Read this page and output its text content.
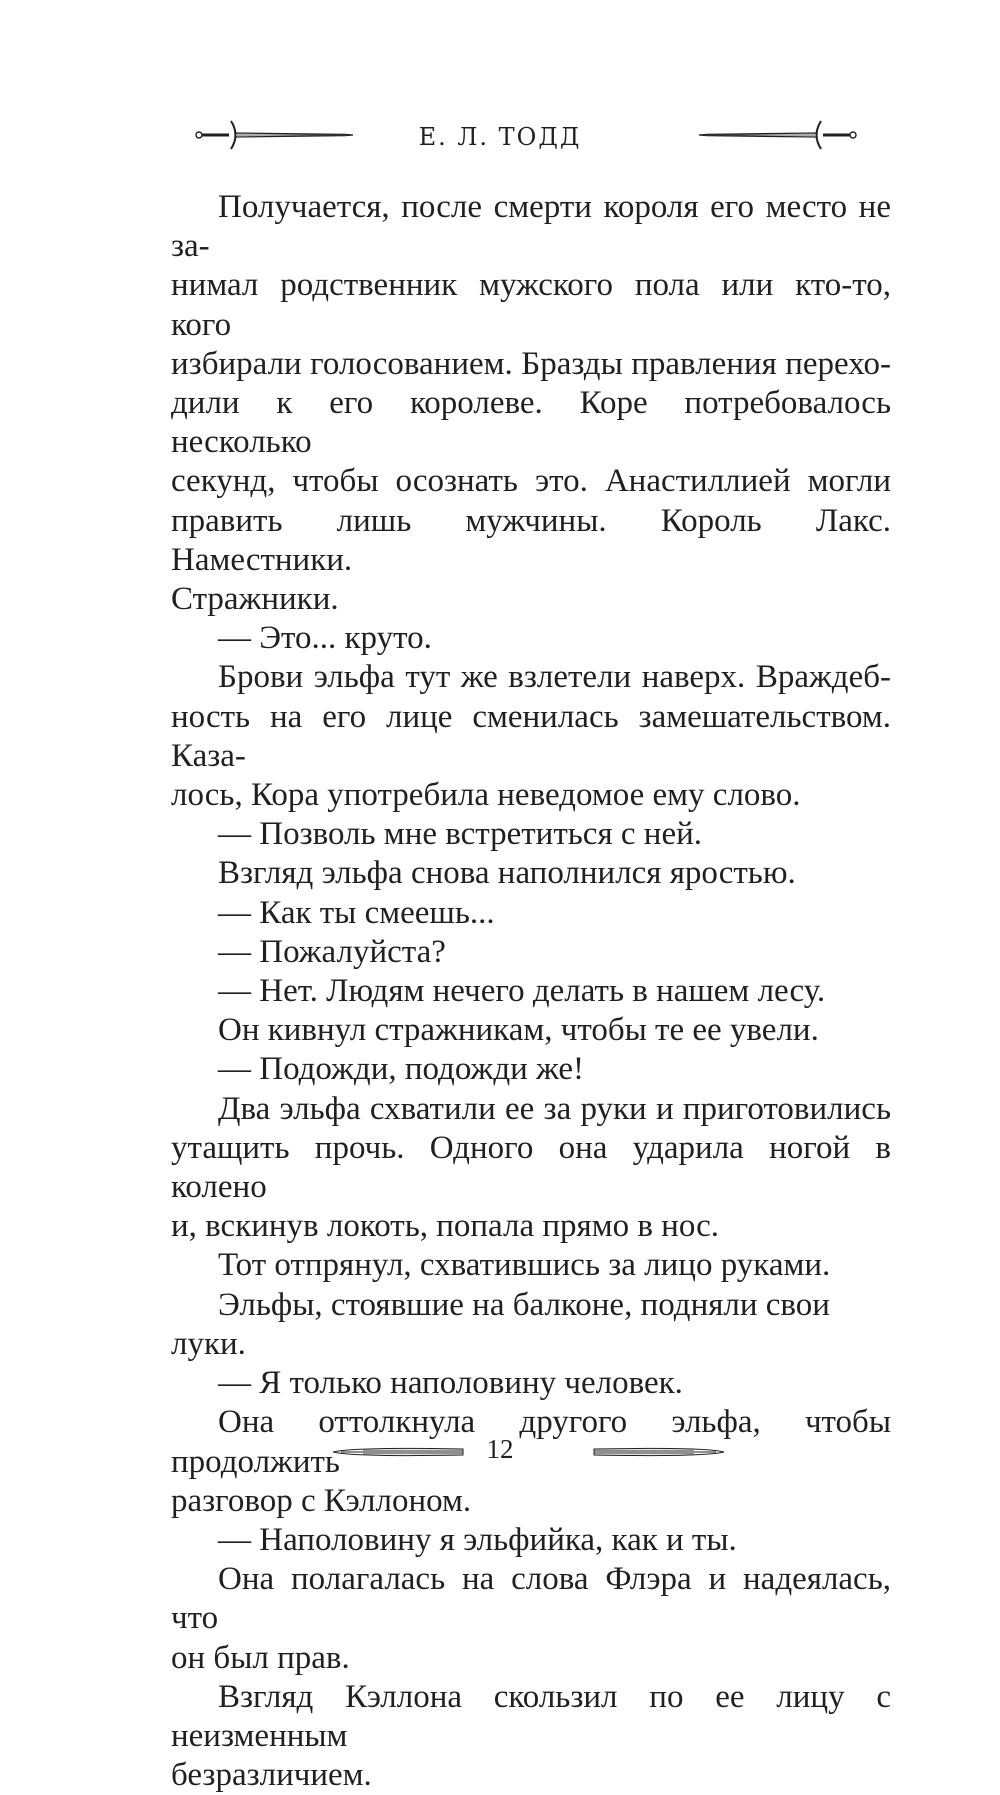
Е. Л. ТОДД

Получается, после смерти короля его место не за-

нимал родственник мужского пола или кто-то, кого

избирали голосованием. Бразды правления перехо-

дили к его королеве. Коре потребовалось несколько

секунд, чтобы осознать это. Анастиллией могли

править лишь мужчины. Король Лакс. Наместники.

Стражники.

— Это... круто.

Брови эльфа тут же взлетели наверх. Враждеб-

ность на его лице сменилась замешательством. Каза-

лось, Кора употребила неведомое ему слово.

— Позволь мне встретиться с ней.

Взгляд эльфа снова наполнился яростью.

— Как ты смеешь...

— Пожалуйста?

— Нет. Людям нечего делать в нашем лесу.

Он кивнул стражникам, чтобы те ее увели.

— Подожди, подожди же!

Два эльфа схватили ее за руки и приготовились

утащить прочь. Одного она ударила ногой в колено

и, вскинув локоть, попала прямо в нос.

Тот отпрянул, схватившись за лицо руками.

Эльфы, стоявшие на балконе, подняли свои луки.

— Я только наполовину человек.

Она оттолкнула другого эльфа, чтобы продолжить

разговор с Кэллоном.

— Наполовину я эльфийка, как и ты.

Она полагалась на слова Флэра и надеялась, что

он был прав.

Взгляд Кэллона скользил по ее лицу с неизменным

безразличием.

12
